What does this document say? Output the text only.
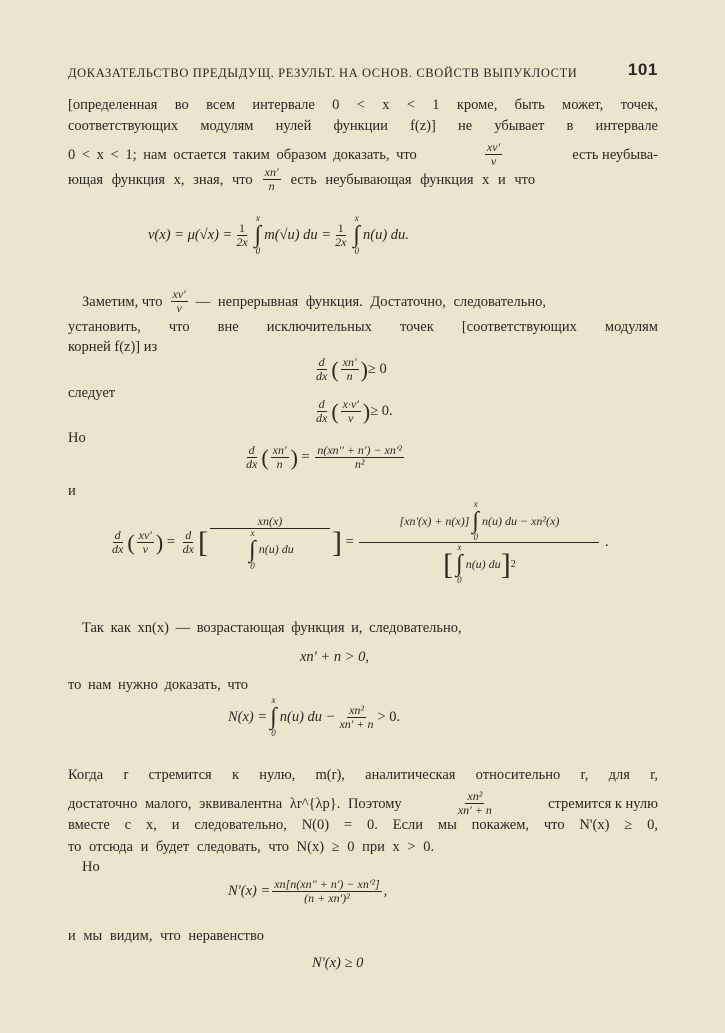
ДОКАЗАТЕЛЬСТВО ПРЕДЫДУЩ. РЕЗУЛЬТ. НА ОСНОВ. СВОЙСТВ ВЫПУКЛОСТИ	101
[определенная во всем интервале 0 < x < 1 кроме, быть может, точек,
соответствующих модулям нулей функции f(z)] не убывает в интервале
0 < x < 1; нам остается таким образом доказать, что	$\frac{x\nu'}{\nu}$	есть неубыва-
ющая функция x, зная, что $\frac{xn'}{n}$ есть неубывающая функция x и что
$\nu(x) = \mu(√x) = \frac{1}{2x}$
x
∫
0
m(√u) du = $\frac{1}{2x}$
x
∫
0
n(u) du.
Заметим, что $\frac{x\nu'}{\nu}$ — непрерывная функция. Достаточно, следовательно,
установить, что вне исключительных точек [соответствующих модулям
корней f(z)] из
$\frac{d}{dx}$ ( $\frac{xn'}{n}$ ) ≥ 0
следует
$\frac{d}{dx}$ ( $\frac{x\cdot\nu'}{\nu}$ ) ≥ 0.
Но
$\frac{d}{dx}$ ( $\frac{xn'}{n}$ ) = $\frac{\text{n(xn'' + n') − xn'²}}{\text{n²}}$
и
$\frac{d}{dx}$ ( $\frac{x\nu'}{\nu}$ ) = $\frac{d}{dx}$ [
xn(x)
x
∫
0
n(u) du ] = [xn'(x) + n(x)]
x
∫
0
n(u) du − xn²(x)
[
x
∫
0
n(u) du ] 2 .
Так как xn(x) — возрастающая функция и, следовательно,
xn' + n > 0,
то нам нужно доказать, что
N(x) =
x
∫
0
n(u) du − $\frac{\text{xn²}}{xn' + n} > 0$.
Когда r стремится к нулю, m(r), аналитическая относительно r, для r,
достаточно малого, эквивалентна λr^{λp}. Поэтому	$\frac{\text{xn²}}{xn' + n}$	стремится к нулю
вместе с x, и следовательно, N(0) = 0. Если мы покажем, что N'(x) ≥ 0,
то отсюда и будет следовать, что N(x) ≥ 0 при x > 0.
Но
$N'(x) = \frac{\text{xn[n(xn'' + n') − xn'²]}}{\text{(n + xn')²}}$ ,
и мы видим, что неравенство
N'(x) ≥ 0
